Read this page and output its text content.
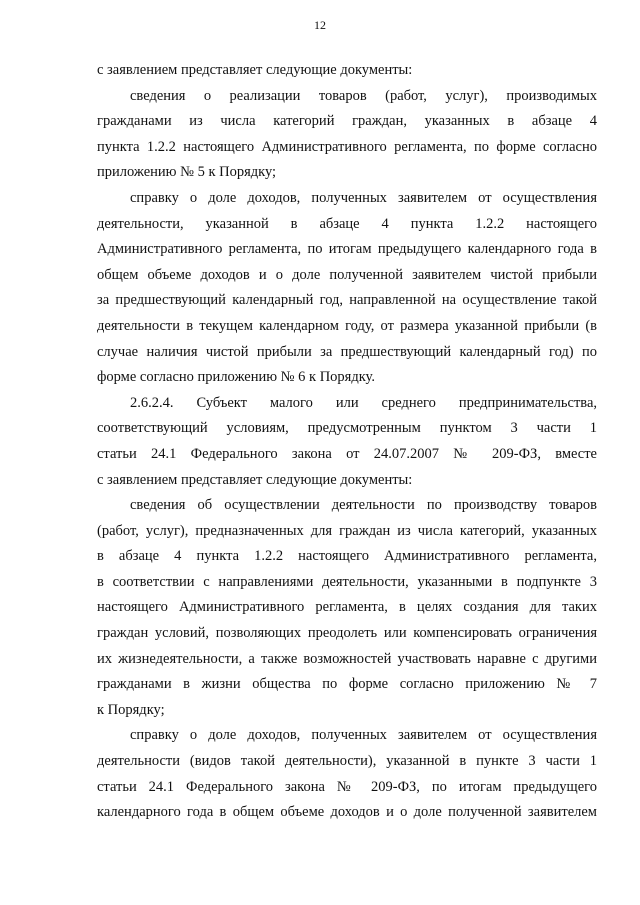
12
с заявлением представляет следующие документы:
сведения о реализации товаров (работ, услуг), производимых
гражданами из числа категорий граждан, указанных в абзаце 4
пункта 1.2.2 настоящего Административного регламента, по форме согласно
приложению № 5 к Порядку;
справку о доле доходов, полученных заявителем от осуществления
деятельности, указанной в абзаце 4 пункта 1.2.2 настоящего
Административного регламента, по итогам предыдущего календарного года в
общем объеме доходов и о доле полученной заявителем чистой прибыли
за предшествующий календарный год, направленной на осуществление такой
деятельности в текущем календарном году, от размера указанной прибыли (в
случае наличия чистой прибыли за предшествующий календарный год) по
форме согласно приложению № 6 к Порядку.
2.6.2.4. Субъект малого или среднего предпринимательства,
соответствующий условиям, предусмотренным пунктом 3 части 1
статьи 24.1 Федерального закона от 24.07.2007 № 209-ФЗ, вместе
с заявлением представляет следующие документы:
сведения об осуществлении деятельности по производству товаров
(работ, услуг), предназначенных для граждан из числа категорий, указанных
в абзаце 4 пункта 1.2.2 настоящего Административного регламента,
в соответствии с направлениями деятельности, указанными в подпункте 3
настоящего Административного регламента, в целях создания для таких
граждан условий, позволяющих преодолеть или компенсировать ограничения
их жизнедеятельности, а также возможностей участвовать наравне с другими
гражданами в жизни общества по форме согласно приложению № 7
к Порядку;
справку о доле доходов, полученных заявителем от осуществления
деятельности (видов такой деятельности), указанной в пункте 3 части 1
статьи 24.1 Федерального закона № 209-ФЗ, по итогам предыдущего
календарного года в общем объеме доходов и о доле полученной заявителем
